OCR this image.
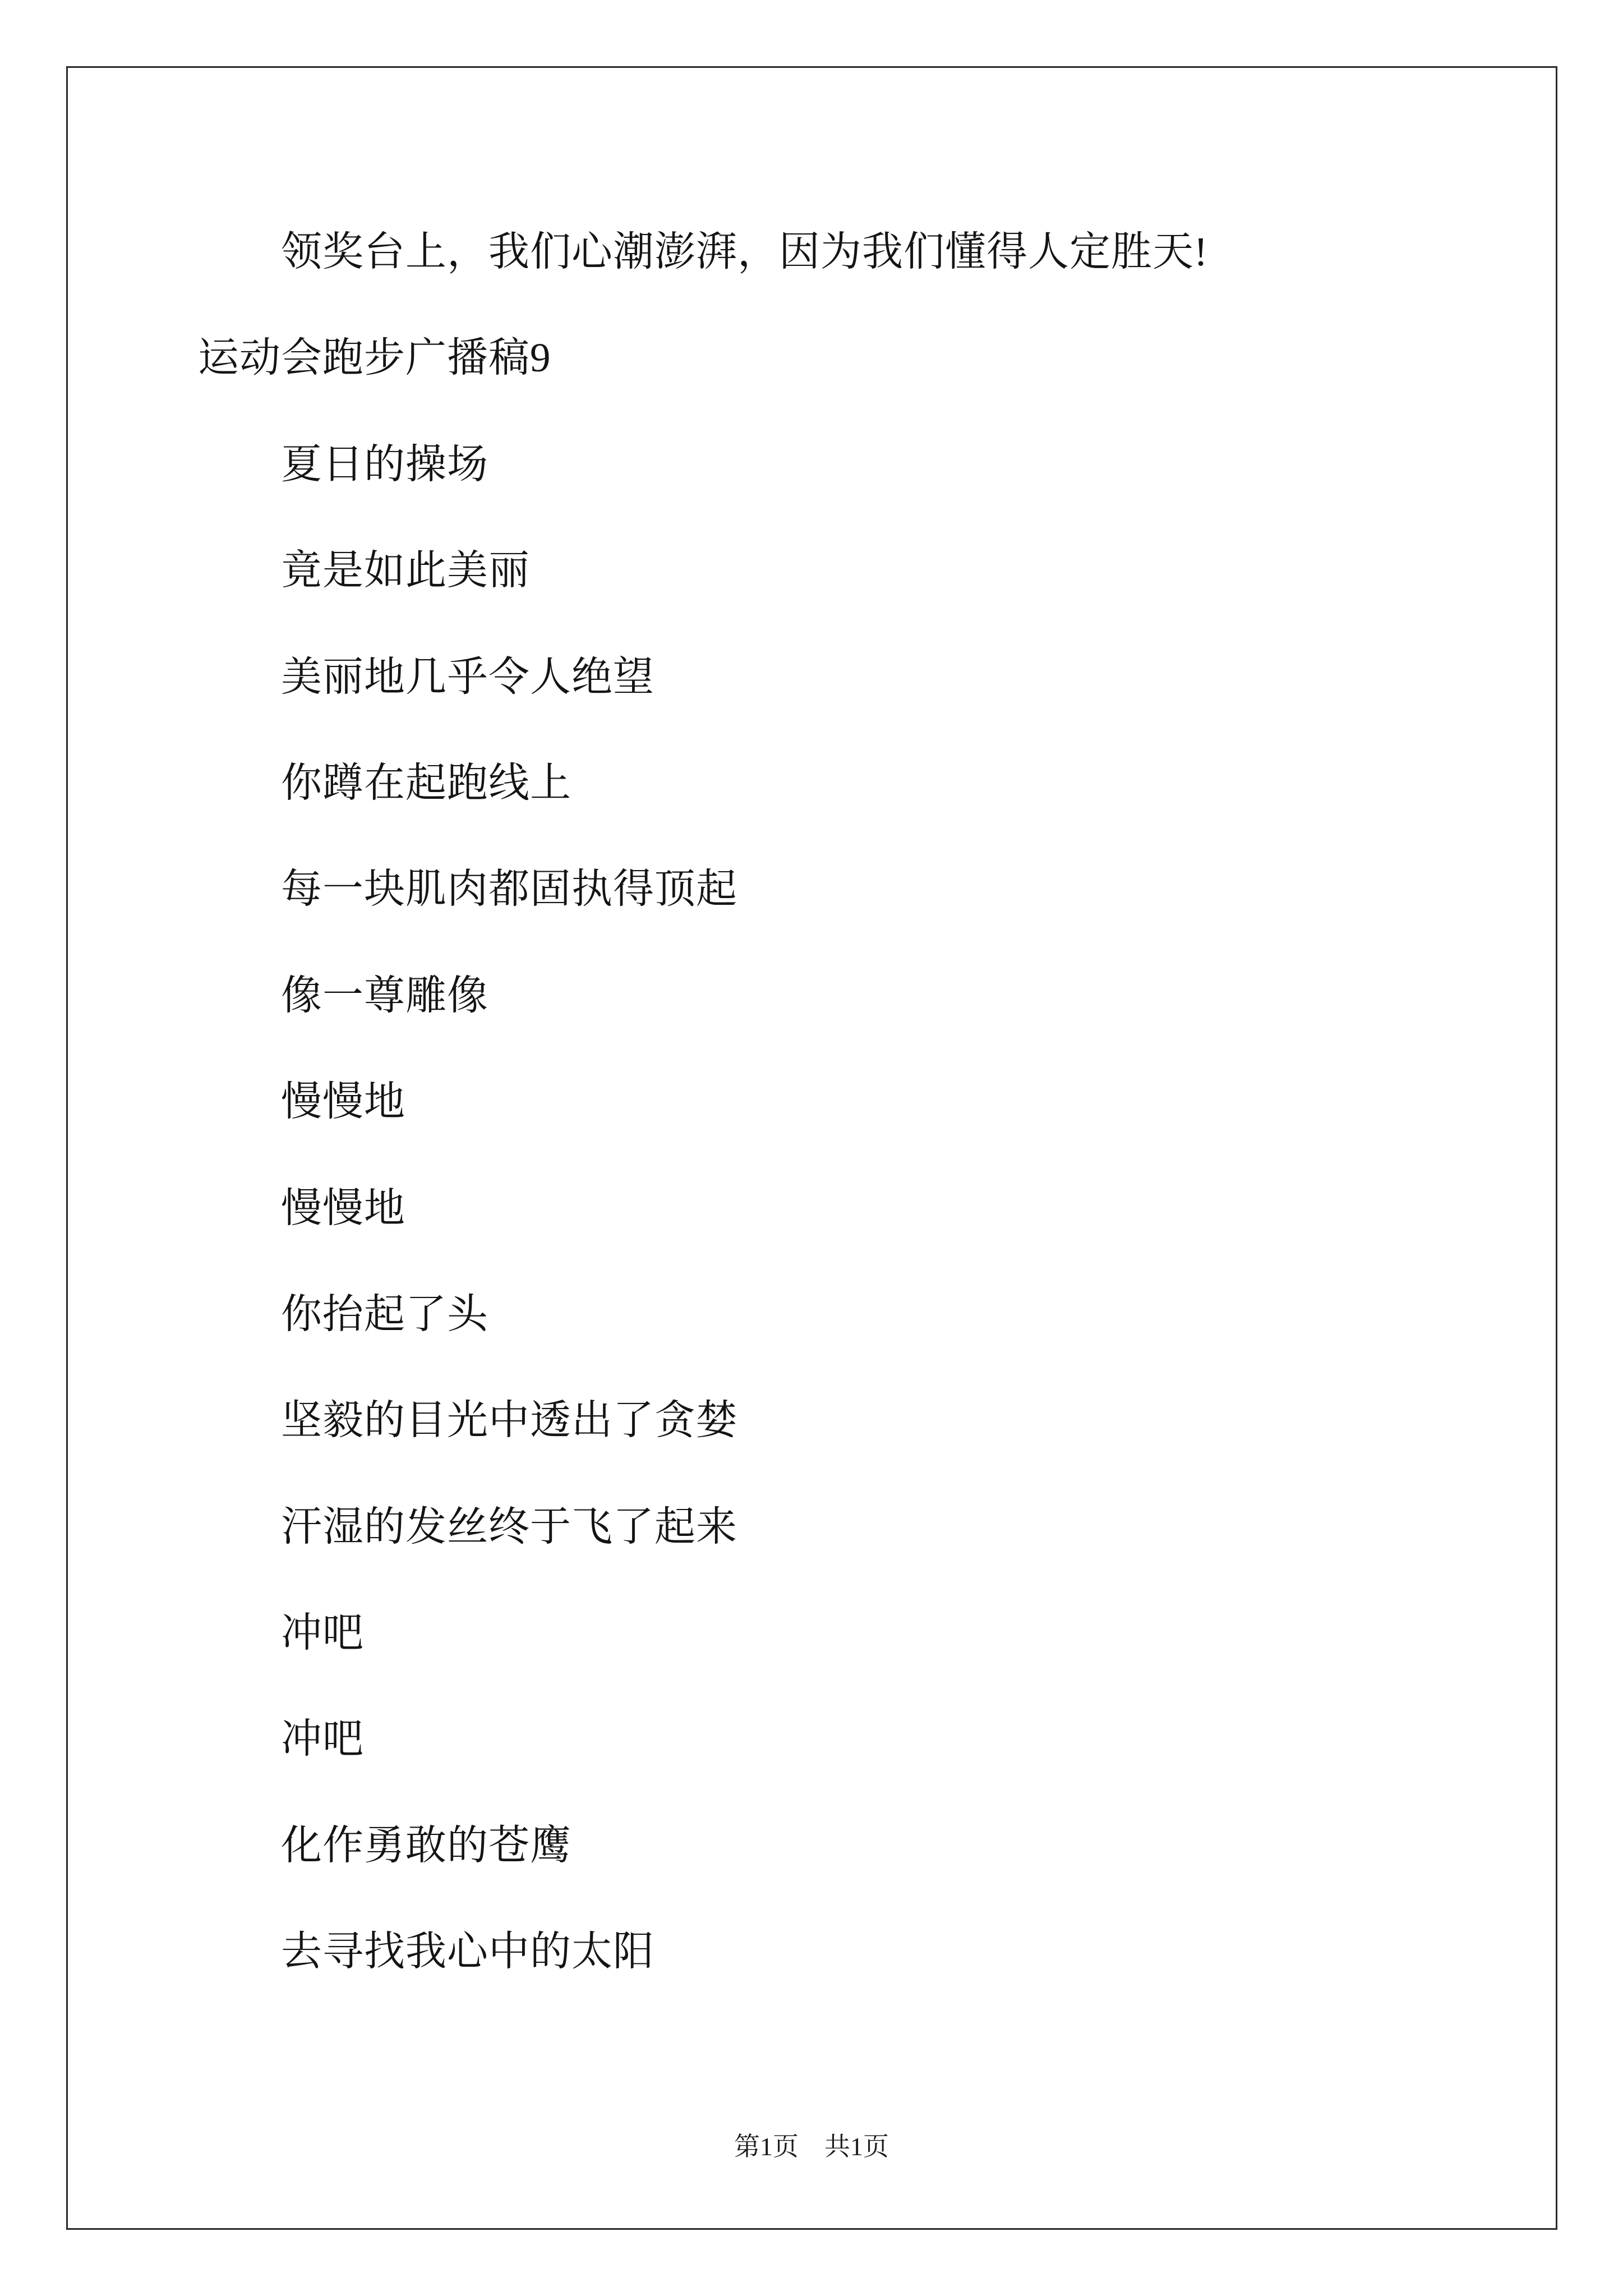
领奖台上，我们心潮澎湃，因为我们懂得人定胜天!
运动会跑步广播稿9
夏日的操场
竟是如此美丽
美丽地几乎令人绝望
你蹲在起跑线上
每一块肌肉都固执得顶起
像一尊雕像
慢慢地
慢慢地
你抬起了头
坚毅的目光中透出了贪婪
汗湿的发丝终于飞了起来
冲吧
冲吧
化作勇敢的苍鹰
去寻找我心中的太阳
第1页　共1页
